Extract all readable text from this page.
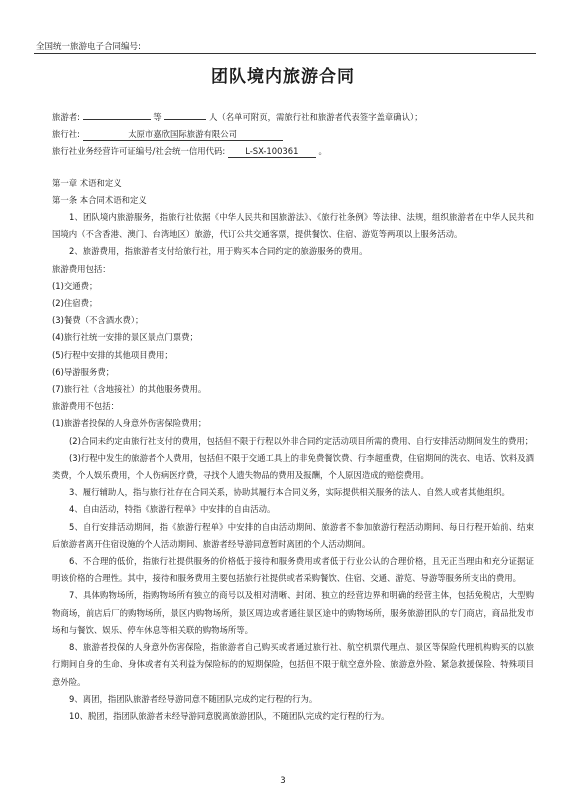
全国统一旅游电子合同编号:
团队境内旅游合同
旅游者:	等	人（名单可附页，需旅行社和旅游者代表签字盖章确认）；
旅行社:	太原市嘉欣国际旅游有限公司
旅行社业务经营许可证编号/社会统一信用代码: L-SX-100361 。
第一章 术语和定义
第一条 本合同术语和定义
1、团队境内旅游服务，指旅行社依据《中华人民共和国旅游法》、《旅行社条例》等法律、法规，组织旅游者在中华人民共和国境内（不含香港、澳门、台湾地区）旅游，代订公共交通客票，提供餐饮、住宿、游览等两项以上服务活动。
2、旅游费用，指旅游者支付给旅行社，用于购买本合同约定的旅游服务的费用。
旅游费用包括：
(1)交通费；
(2)住宿费；
(3)餐费（不含酒水费）；
(4)旅行社统一安排的景区景点门票费；
(5)行程中安排的其他项目费用；
(6)导游服务费；
(7)旅行社（含地接社）的其他服务费用。
旅游费用不包括：
(1)旅游者投保的人身意外伤害保险费用；
(2)合同未约定由旅行社支付的费用，包括但不限于行程以外非合同约定活动项目所需的费用、自行安排活动期间发生的费用；
(3)行程中发生的旅游者个人费用，包括但不限于交通工具上的非免费餐饮费、行李超重费，住宿期间的洗衣、电话、饮料及酒类费，个人娱乐费用，个人伤病医疗费，寻找个人遗失物品的费用及报酬，个人原因造成的赔偿费用。
3、履行辅助人，指与旅行社存在合同关系，协助其履行本合同义务，实际提供相关服务的法人、自然人或者其他组织。
4、自由活动，特指《旅游行程单》中安排的自由活动。
5、自行安排活动期间，指《旅游行程单》中安排的自由活动期间、旅游者不参加旅游行程活动期间、每日行程开始前、结束后旅游者离开住宿设施的个人活动期间、旅游者经导游同意暂时离团的个人活动期间。
6、不合理的低价，指旅行社提供服务的价格低于接待和服务费用或者低于行业公认的合理价格，且无正当理由和充分证据证明该价格的合理性。其中，接待和服务费用主要包括旅行社提供或者采购餐饮、住宿、交通、游览、导游等服务所支出的费用。
7、具体购物场所，指购物场所有独立的商号以及相对清晰、封闭、独立的经营边界和明确的经营主体，包括免税店，大型购物商场，前店后厂的购物场所，景区内购物场所，景区周边或者通往景区途中的购物场所，服务旅游团队的专门商店，商品批发市场和与餐饮、娱乐、停车休息等相关联的购物场所等。
8、旅游者投保的人身意外伤害保险，指旅游者自己购买或者通过旅行社、航空机票代理点、景区等保险代理机构购买的以旅行期间自身的生命、身体或者有关利益为保险标的的短期保险，包括但不限于航空意外险、旅游意外险、紧急救援保险、特殊项目意外险。
9、离团，指团队旅游者经导游同意不随团队完成约定行程的行为。
10、脱团，指团队旅游者未经导游同意脱离旅游团队，不随团队完成约定行程的行为。
3
